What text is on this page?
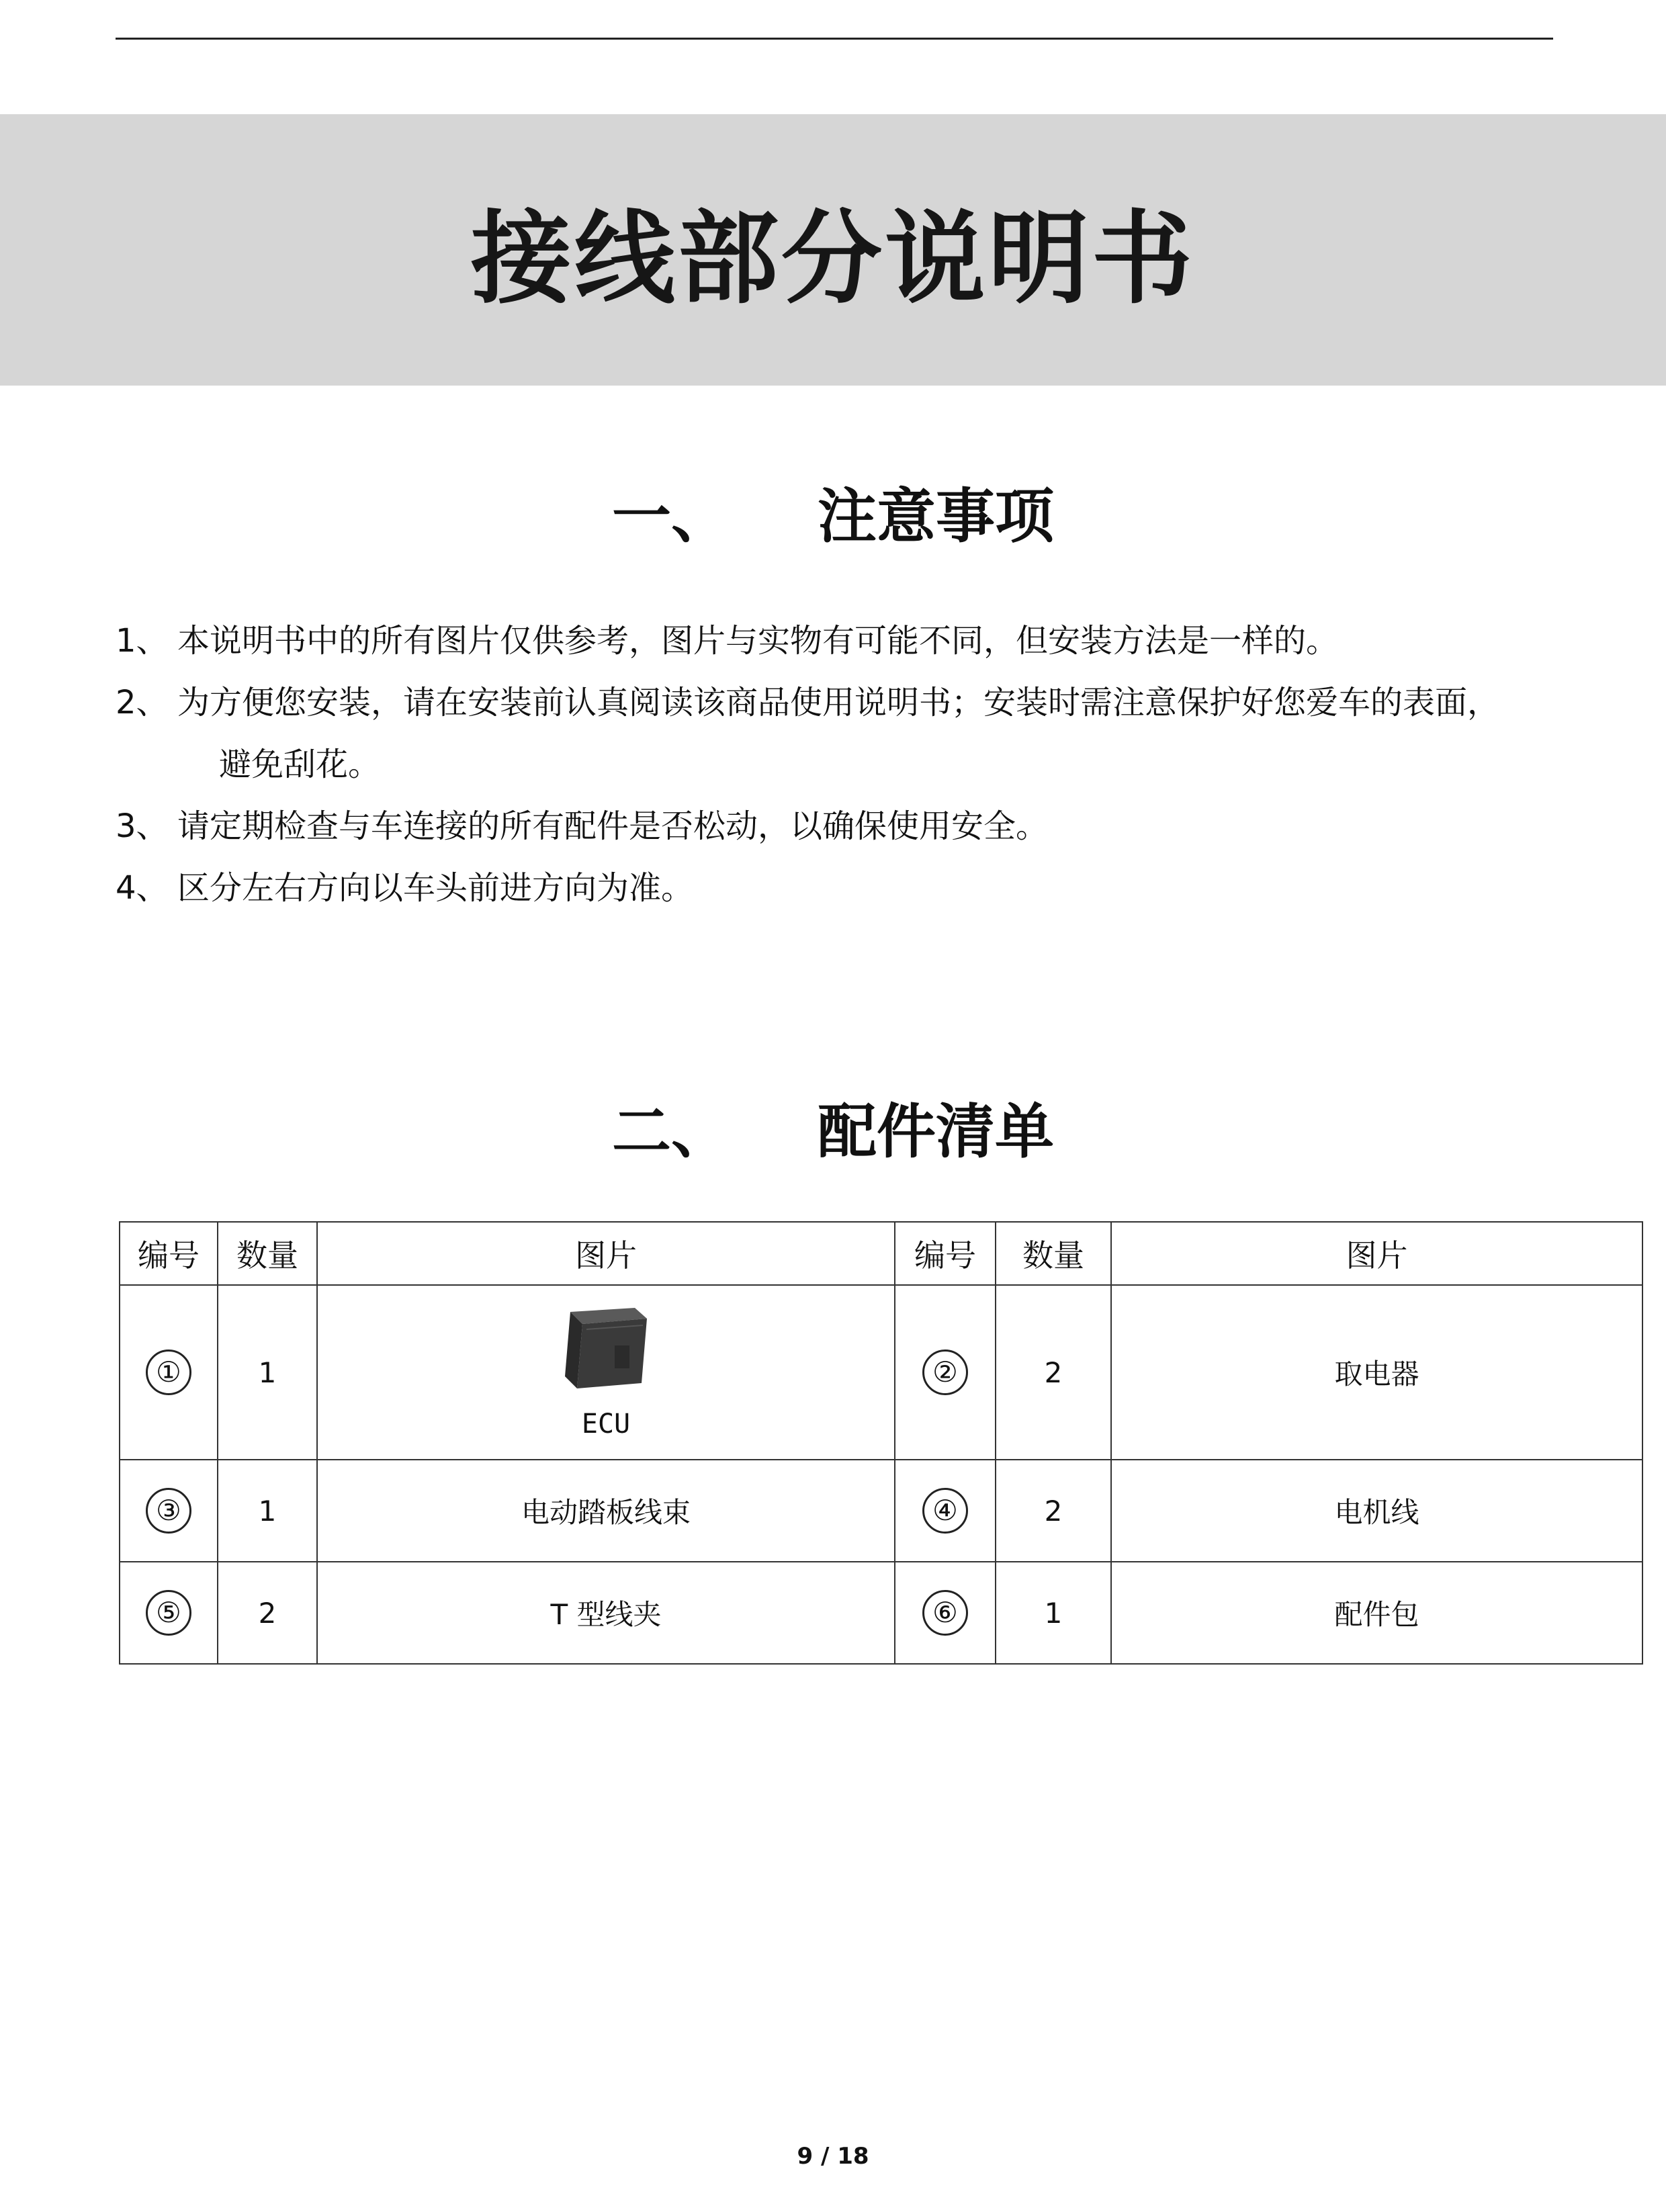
接线部分说明书
一、 注意事项
1、 本说明书中的所有图片仅供参考，图片与实物有可能不同，但安装方法是一样的。
2、 为方便您安装，请在安装前认真阅读该商品使用说明书；安装时需注意保护好您爱车的表面，
避免刮花。
3、 请定期检查与车连接的所有配件是否松动，以确保使用安全。
4、 区分左右方向以车头前进方向为准。
二、 配件清单
编号	数量	图片	编号	数量	图片
①	1	ECU	②	2	取电器
③	1	电动踏板线束	④	2	电机线
⑤	2	T 型线夹	⑥	1	配件包
9 / 18
